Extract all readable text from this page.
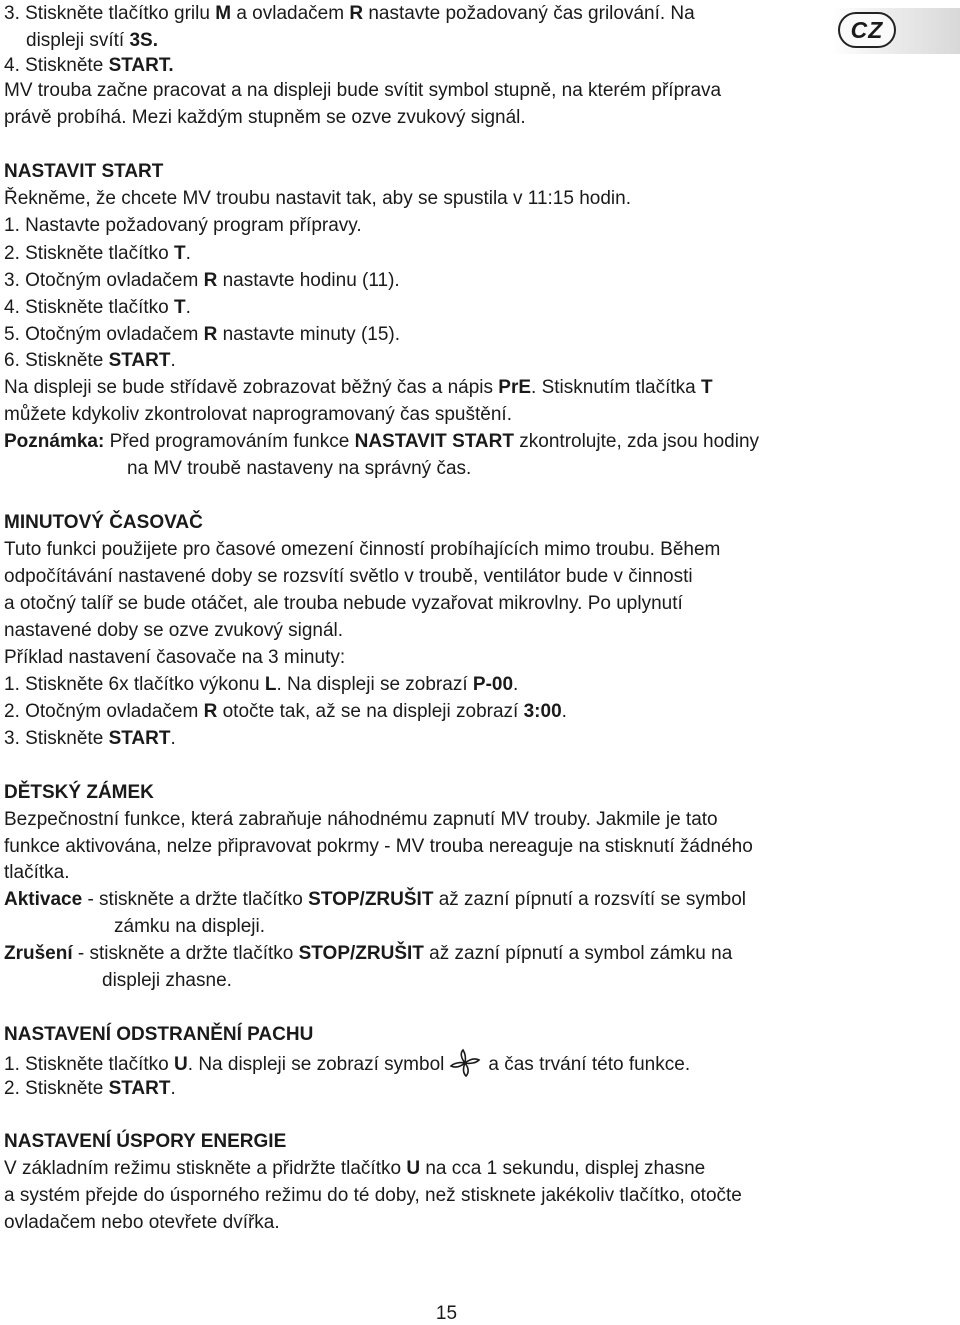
CZ
3. Stiskněte tlačítko grilu M a ovladačem R nastavte požadovaný čas grilování. Na
displeji svítí 3S.
4. Stiskněte START.
MV trouba začne pracovat a na displeji bude svítit symbol stupně, na kterém příprava
právě probíhá. Mezi každým stupněm se ozve zvukový signál.
NASTAVIT START
Řekněme, že chcete MV troubu nastavit tak, aby se spustila v 11:15 hodin.
1. Nastavte požadovaný program přípravy.
2. Stiskněte tlačítko T.
3. Otočným ovladačem R nastavte hodinu (11).
4. Stiskněte tlačítko T.
5. Otočným ovladačem R nastavte minuty (15).
6. Stiskněte START.
Na displeji se bude střídavě zobrazovat běžný čas a nápis PrE. Stisknutím tlačítka T
můžete kdykoliv zkontrolovat naprogramovaný čas spuštění.
Poznámka: Před programováním funkce NASTAVIT START zkontrolujte, zda jsou hodiny
na MV troubě nastaveny na správný čas.
MINUTOVÝ ČASOVAČ
Tuto funkci použijete pro časové omezení činností probíhajících mimo troubu. Během
odpočítávání nastavené doby se rozsvítí světlo v troubě, ventilátor bude v činnosti
a otočný talíř se bude otáčet, ale trouba nebude vyzařovat mikrovlny. Po uplynutí
nastavené doby se ozve zvukový signál.
Příklad nastavení časovače na 3 minuty:
1. Stiskněte 6x tlačítko výkonu L. Na displeji se zobrazí P-00.
2. Otočným ovladačem R otočte tak, až se na displeji zobrazí 3:00.
3. Stiskněte START.
DĚTSKÝ ZÁMEK
Bezpečnostní funkce, která zabraňuje náhodnému zapnutí MV trouby. Jakmile je tato
funkce aktivována, nelze připravovat pokrmy - MV trouba nereaguje na stisknutí žádného
tlačítka.
Aktivace - stiskněte a držte tlačítko STOP/ZRUŠIT až zazní pípnutí a rozsvítí se symbol
zámku na displeji.
Zrušení - stiskněte a držte tlačítko STOP/ZRUŠIT až zazní pípnutí a symbol zámku na
displeji zhasne.
NASTAVENÍ ODSTRANĚNÍ PACHU
1. Stiskněte tlačítko U. Na displeji se zobrazí symbol a čas trvání této funkce.
2. Stiskněte START.
NASTAVENÍ ÚSPORY ENERGIE
V základním režimu stiskněte a přidržte tlačítko U na cca 1 sekundu, displej zhasne
a systém přejde do úsporného režimu do té doby, než stisknete jakékoliv tlačítko, otočte
ovladačem nebo otevřete dvířka.
15
